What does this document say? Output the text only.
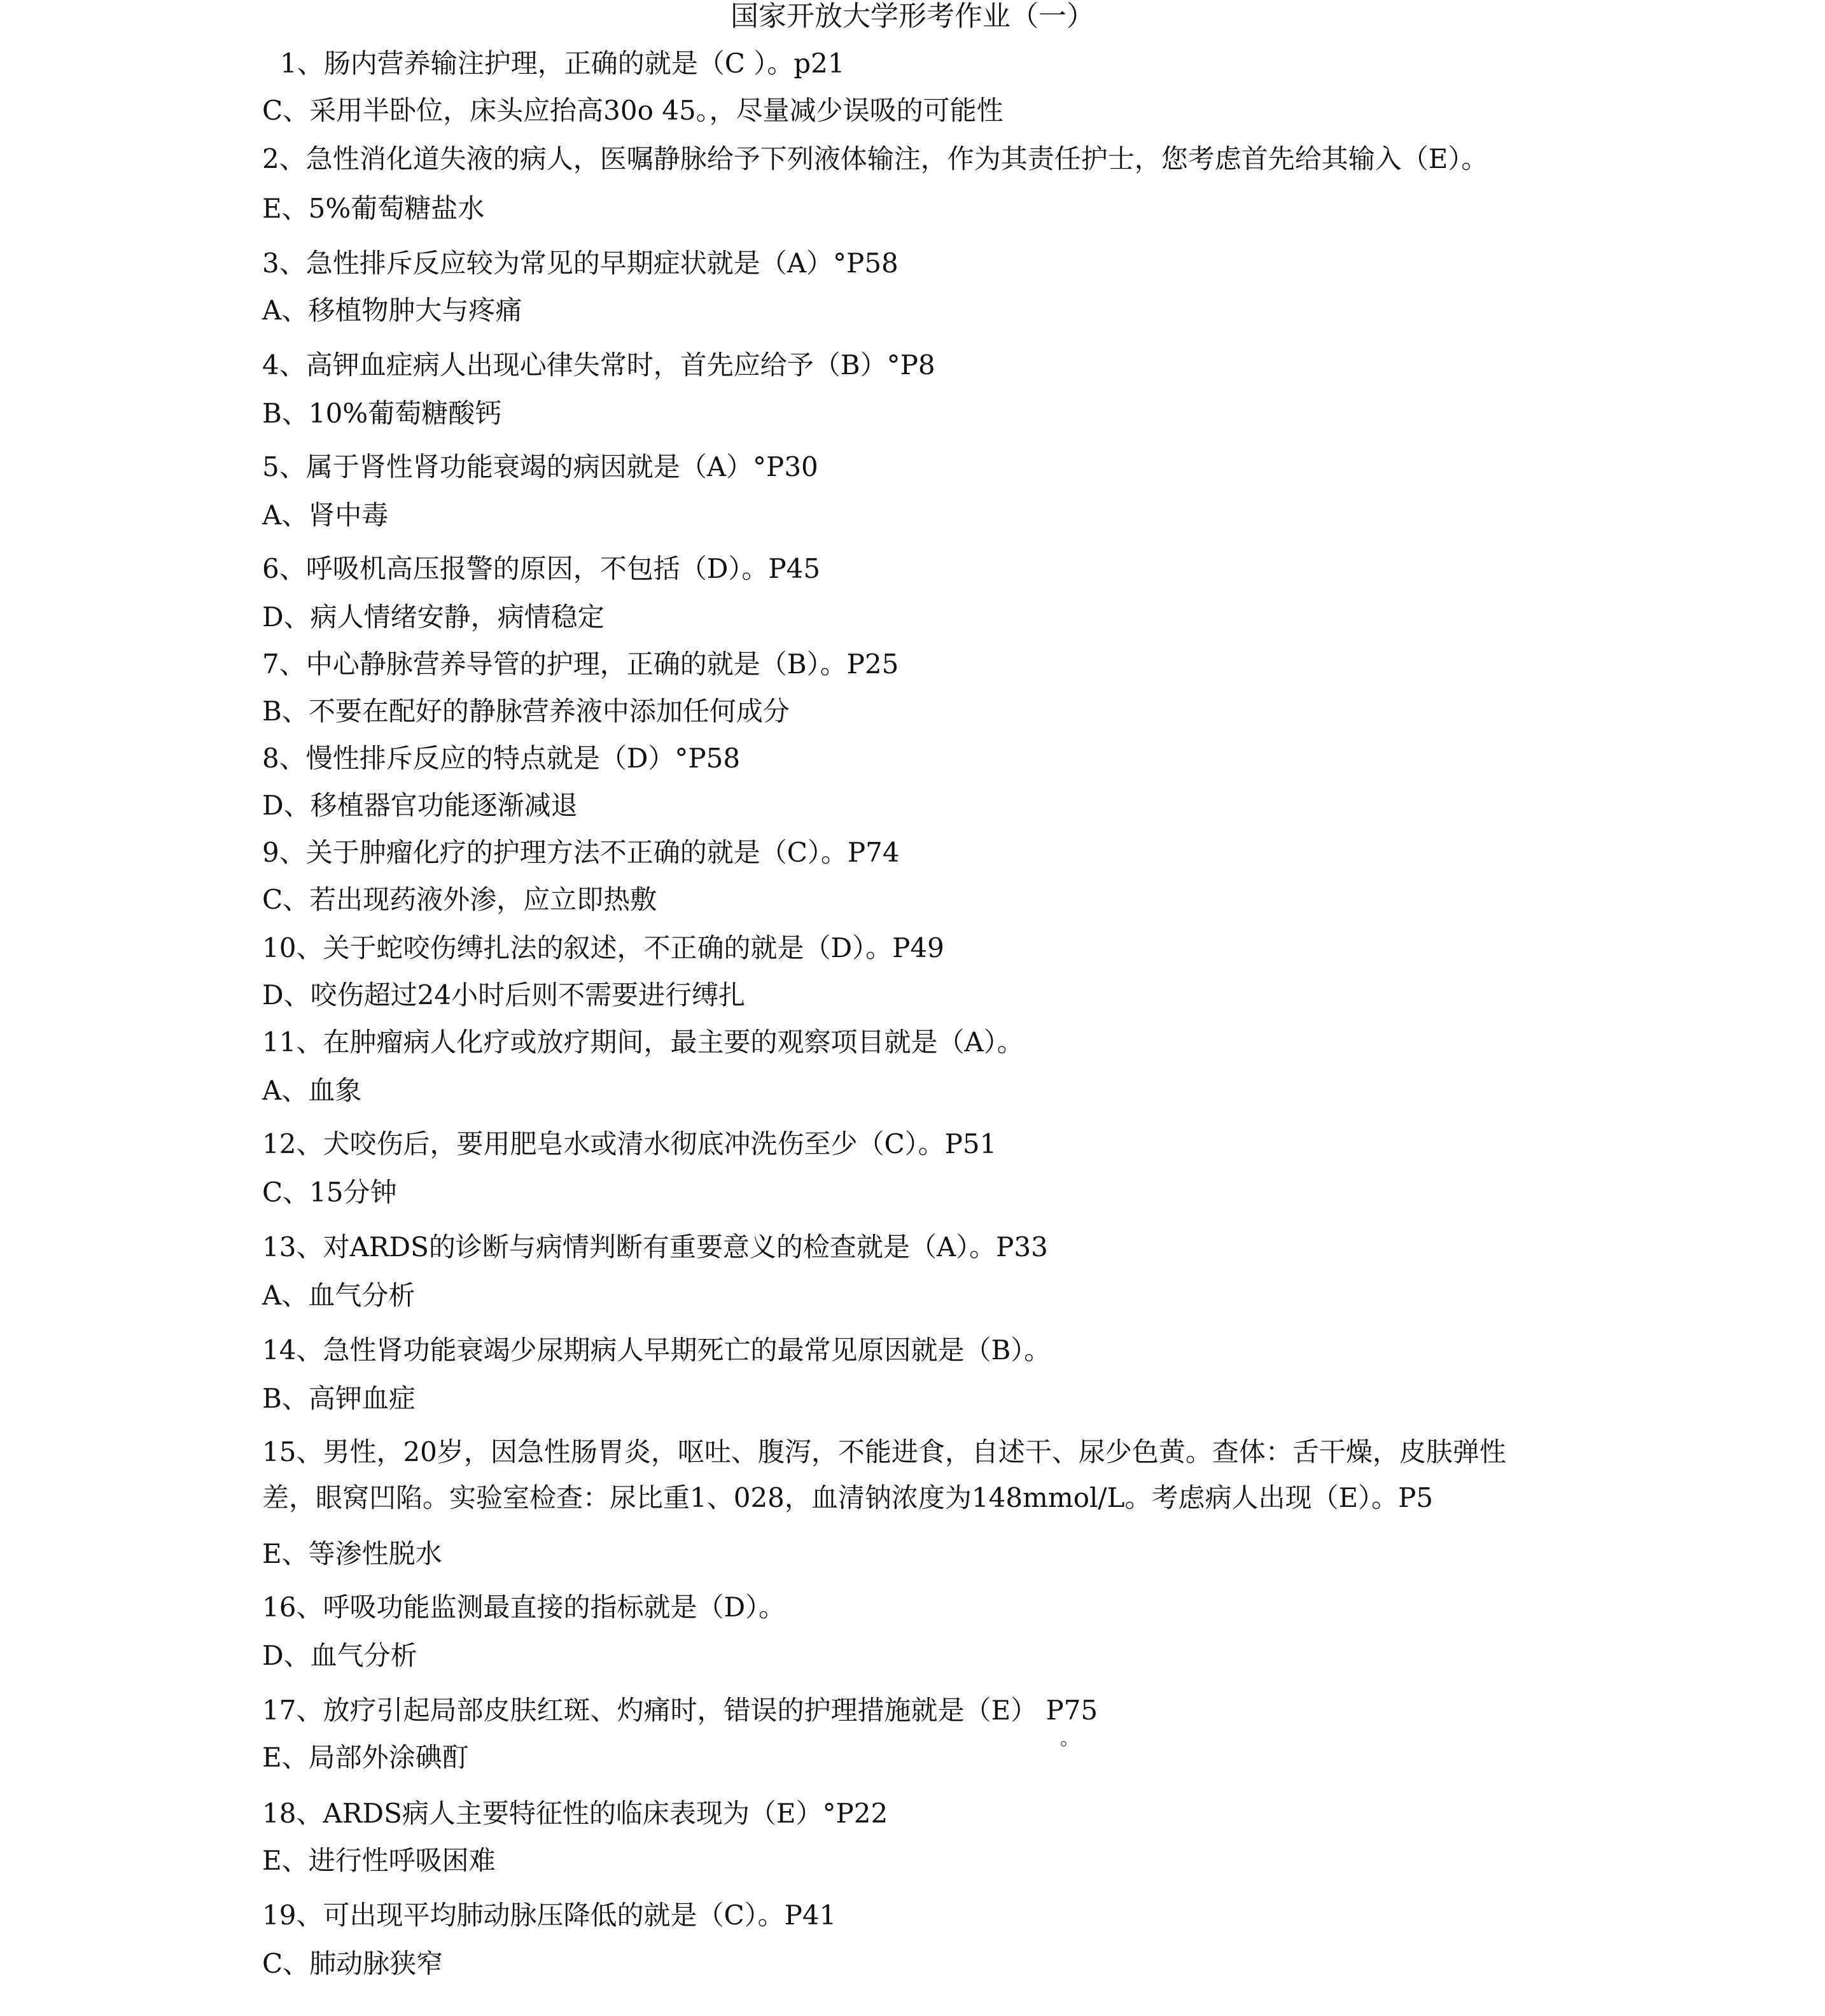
国家开放大学形考作业（一）
1、肠内营养输注护理，正确的就是（C ）。p21
C、采用半卧位，床头应抬高30o 45。，尽量减少误吸的可能性
2、急性消化道失液的病人，医嘱静脉给予下列液体输注，作为其责任护士，您考虑首先给其输入（E）。
E、5%葡萄糖盐水
3、急性排斥反应较为常见的早期症状就是（A）°P58
A、移植物肿大与疼痛
4、高钾血症病人出现心律失常时，首先应给予（B）°P8
B、10%葡萄糖酸钙
5、属于肾性肾功能衰竭的病因就是（A）°P30
A、肾中毒
6、呼吸机高压报警的原因，不包括（D）。P45
D、病人情绪安静，病情稳定
7、中心静脉营养导管的护理，正确的就是（B）。P25
B、不要在配好的静脉营养液中添加任何成分
8、慢性排斥反应的特点就是（D）°P58
D、移植器官功能逐渐减退
9、关于肿瘤化疗的护理方法不正确的就是（C）。P74
C、若出现药液外渗，应立即热敷
10、关于蛇咬伤缚扎法的叙述，不正确的就是（D）。P49
D、咬伤超过24小时后则不需要进行缚扎
11、在肿瘤病人化疗或放疗期间，最主要的观察项目就是（A）。
A、血象
12、犬咬伤后，要用肥皂水或清水彻底冲洗伤至少（C）。P51
C、15分钟
13、对ARDS的诊断与病情判断有重要意义的检查就是（A）。P33
A、血气分析
14、急性肾功能衰竭少尿期病人早期死亡的最常见原因就是（B）。
B、高钾血症
15、男性，20岁，因急性肠胃炎，呕吐、腹泻，不能进食，自述干、尿少色黄。查体：舌干燥，皮肤弹性
差，眼窝凹陷。实验室检查：尿比重1、028，血清钠浓度为148mmol/L。考虑病人出现（E）。P5
E、等渗性脱水
16、呼吸功能监测最直接的指标就是（D）。
D、血气分析
17、放疗引起局部皮肤红斑、灼痛时，错误的护理措施就是（E） P75
。
E、局部外涂碘酊
18、ARDS病人主要特征性的临床表现为（E）°P22
E、进行性呼吸困难
19、可出现平均肺动脉压降低的就是（C）。P41
C、肺动脉狭窄
